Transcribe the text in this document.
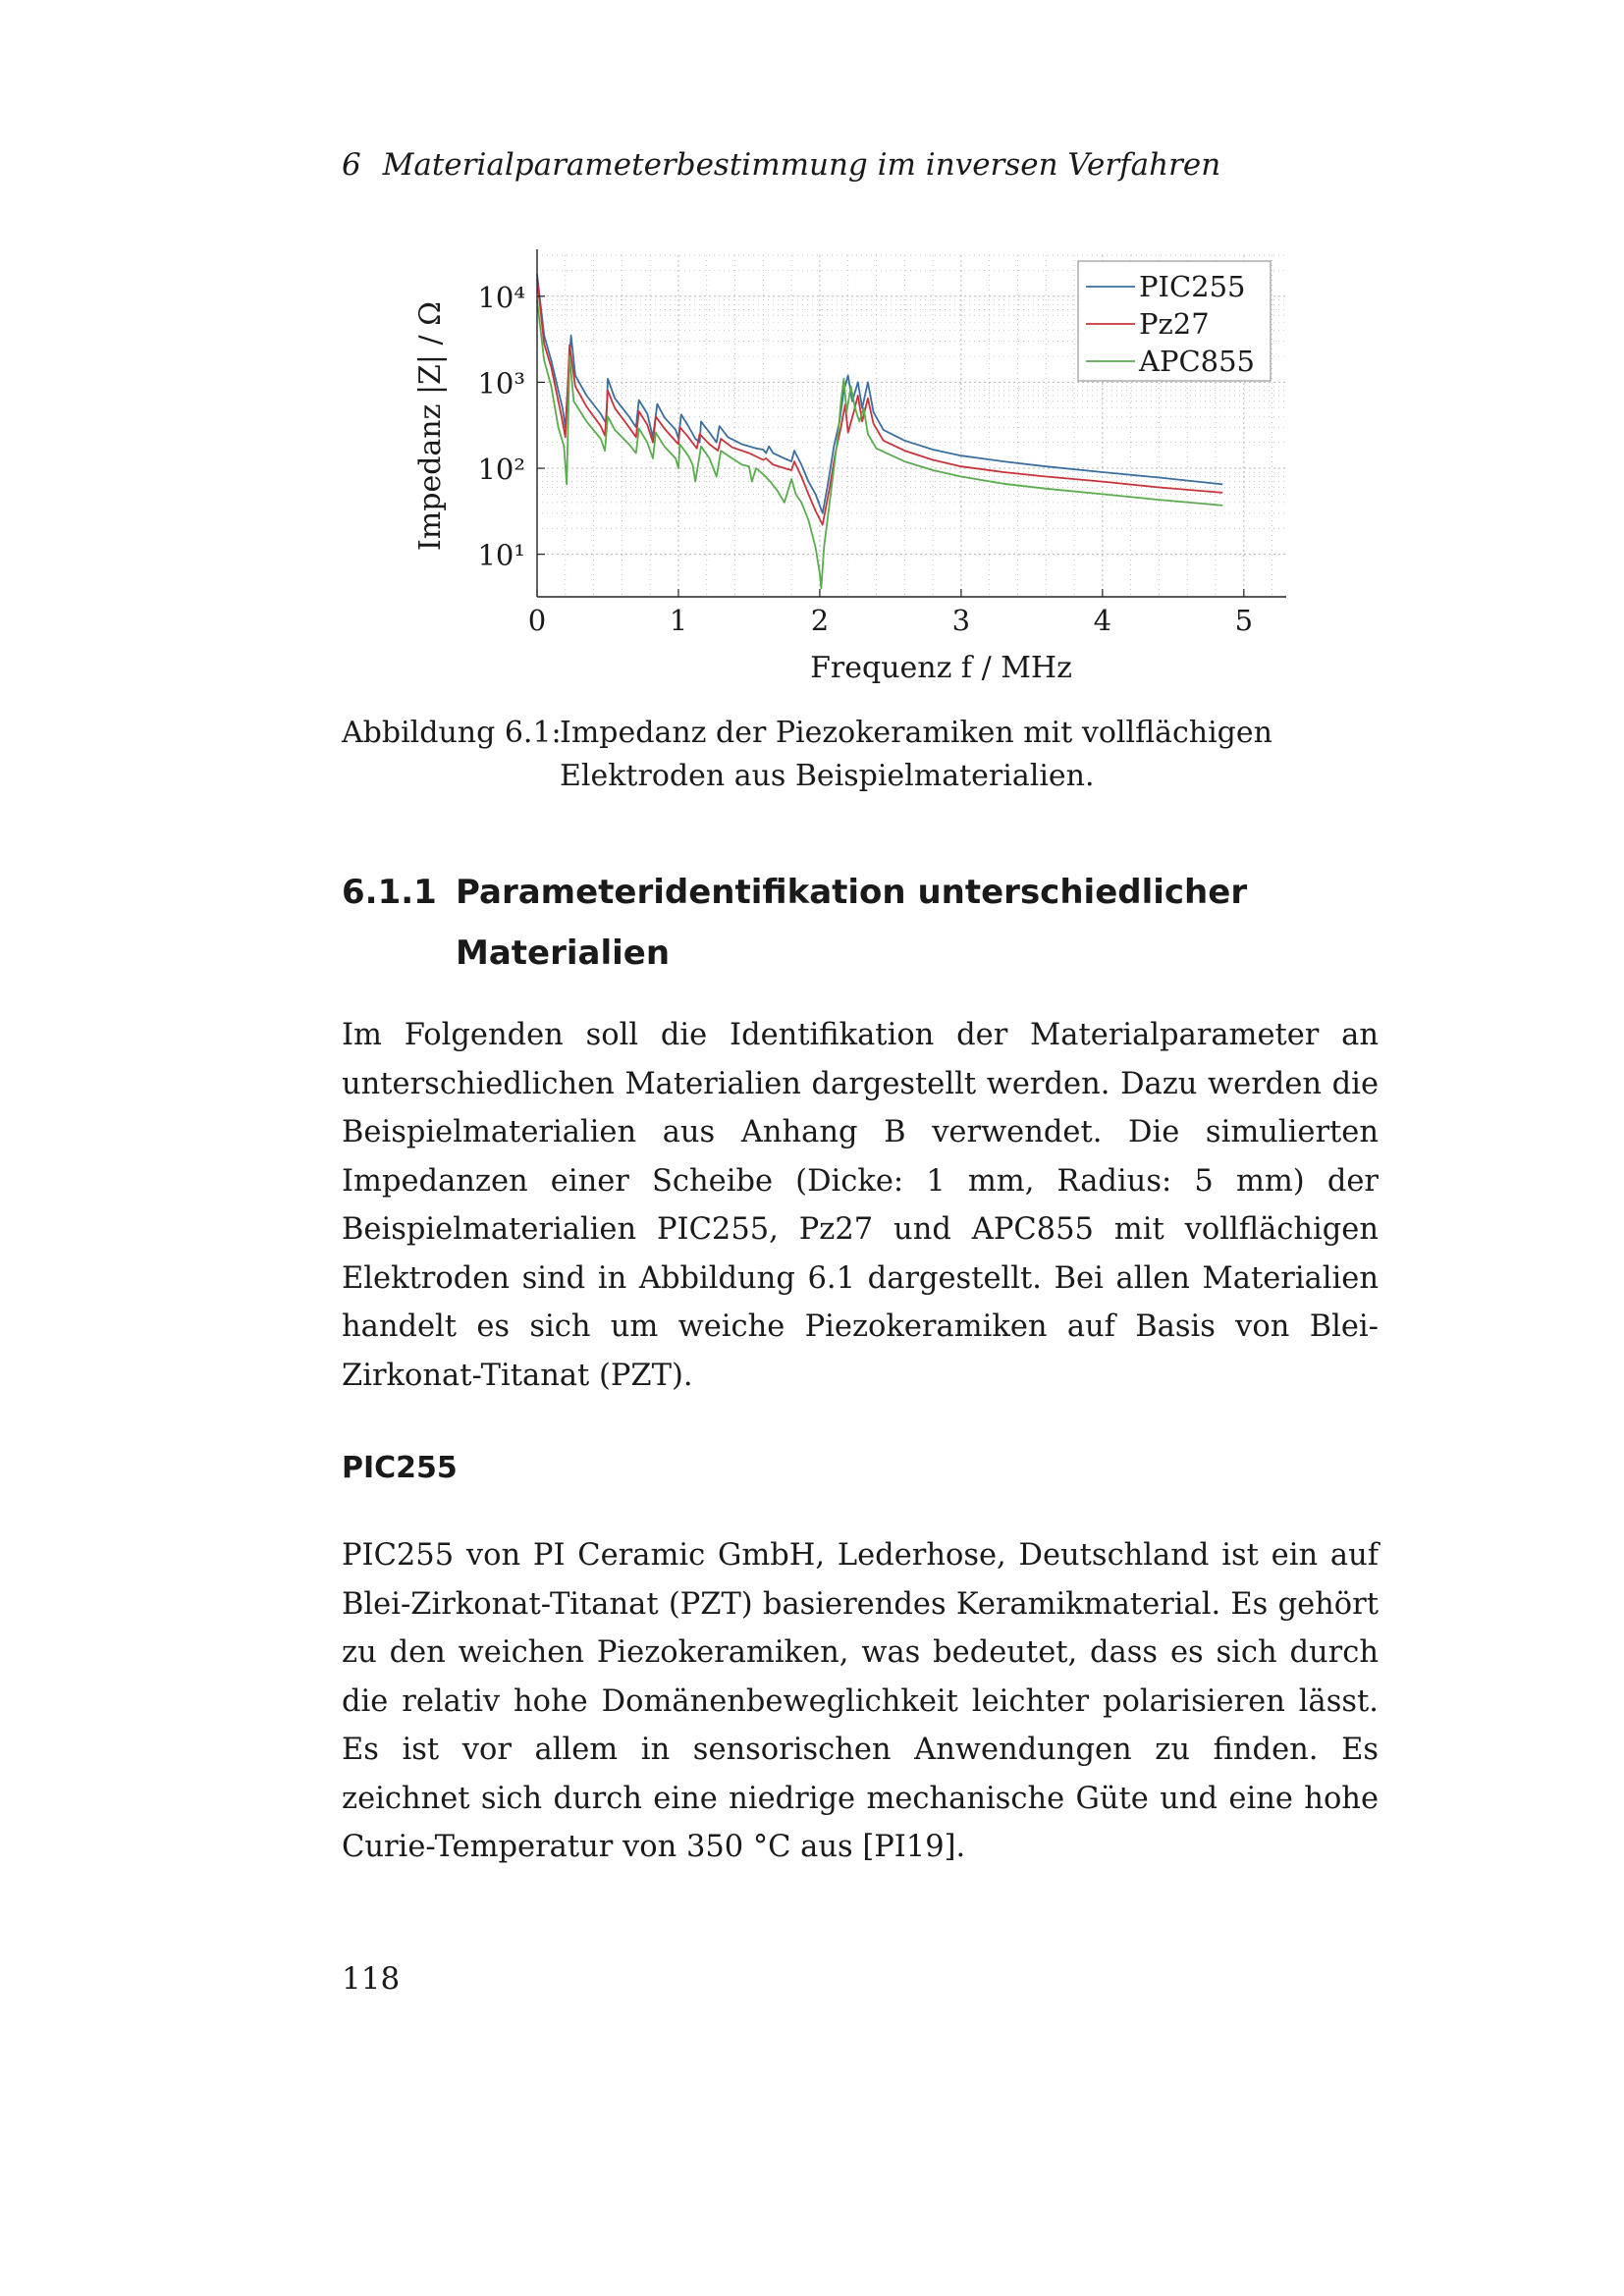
6 Materialparameterbestimmung im inversen Verfahren
0	1	2	3	4	5
10¹
10²
10³
10⁴
Frequenz f / MHz
Impedanz |Z| / Ω
PIC255
Pz27
APC855
Abbildung 6.1:
Impedanz der Piezokeramiken mit vollflächigen Elektroden aus Beispielmaterialien.
6.1.1 Parameteridentifikation unterschiedlicher Materialien
Im Folgenden soll die Identifikation der Materialparameter an unterschiedlichen Materialien dargestellt werden. Dazu werden die Beispielmaterialien aus Anhang B verwendet. Die simulierten Impedanzen einer Scheibe (Dicke: 1 mm, Radius: 5 mm) der Beispielmaterialien PIC255, Pz27 und APC855 mit vollflächigen Elektroden sind in Abbildung 6.1 dargestellt. Bei allen Materialien handelt es sich um weiche Piezokeramiken auf Basis von Blei-Zirkonat-Titanat (PZT).
PIC255
PIC255 von PI Ceramic GmbH, Lederhose, Deutschland ist ein auf Blei-Zirkonat-Titanat (PZT) basierendes Keramikmaterial. Es gehört zu den weichen Piezokeramiken, was bedeutet, dass es sich durch die relativ hohe Domänenbeweglichkeit leichter polarisieren lässt. Es ist vor allem in sensorischen Anwendungen zu finden. Es zeichnet sich durch eine niedrige mechanische Güte und eine hohe Curie-Temperatur von 350 °C aus [PI19].
118
